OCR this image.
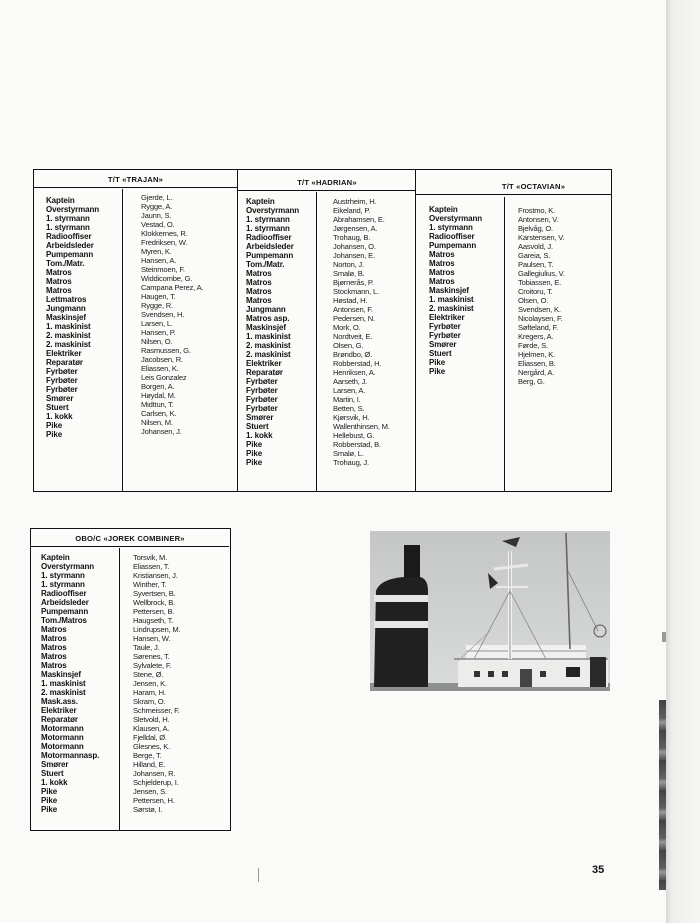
T/T «TRAJAN»
Kaptein
Overstyrmann
1. styrmann
1. styrmann
Radiooffiser
Arbeidsleder
Pumpemann
Tom./Matr.
Matros
Matros
Matros
Lettmatros
Jungmann
Maskinsjef
1. maskinist
2. maskinist
2. maskinist
Elektriker
Reparatør
Fyrbøter
Fyrbøter
Fyrbøter
Smører
Stuert
1. kokk
Pike
Pike
Gjerde, L.
Rygge, A.
Jaunn, S.
Vestad, O.
Klokkernes, R.
Fredriksen, W.
Myren, K.
Hansen, A.
Steinmoen, F.
Widdicombe, G.
Campana Perez, A.
Haugen, T.
Rygge, R.
Svendsen, H.
Larsen, L.
Hansen, P.
Nilsen, O.
Rasmussen, G.
Jacobsen, R.
Eliassen, K.
Leis Gonzalez
Borgen, A.
Høydal, M.
Midttun, T.
Carlsen, K.
Nilsen, M.
Johansen, J.
T/T «HADRIAN»
Kaptein
Overstyrmann
1. styrmann
1. styrmann
Radiooffiser
Arbeidsleder
Pumpemann
Tom./Matr.
Matros
Matros
Matros
Matros
Jungmann
Matros asp.
Maskinsjef
1. maskinist
2. maskinist
2. maskinist
Elektriker
Reparatør
Fyrbøter
Fyrbøter
Fyrbøter
Fyrbøter
Smører
Stuert
1. kokk
Pike
Pike
Pike
Austrheim, H.
Eikeland, P.
Abrahamsen, E.
Jørgensen, A.
Trohaug, B.
Johansen, O.
Johansen, E.
Norton, J.
Smalø, B.
Bjørnerås, P.
Stockmann, L.
Høstad, H.
Antonsen, F.
Pedersen, N.
Mork, O.
Nordtveit, E.
Olsen, G.
Brøndbo, Ø.
Robberstad, H.
Henriksen, A.
Aarseth, J.
Larsen, A.
Martin, I.
Betten, S.
Kjørsvik, H.
Wallenthinsen, M.
Hellebust, G.
Robberstad, B.
Smalø, L.
Trohaug, J.
T/T «OCTAVIAN»
Kaptein
Overstyrmann
1. styrmann
Radiooffiser
Pumpemann
Matros
Matros
Matros
Matros
Maskinsjef
1. maskinist
2. maskinist
Elektriker
Fyrbøter
Fyrbøter
Smører
Stuert
Pike
Pike
Frostmo, K.
Antonsen, V.
Bjelvåg, O.
Karstensen, V.
Aasvold, J.
Gareia, S.
Paulsen, T.
Gallegiulius, V.
Tobiassen, E.
Croitoru, T.
Olsen, O.
Svendsen, K.
Nicolaysen, F.
Søfteland, F.
Kregers, A.
Førde, S.
Hjelmen, K.
Eliassen, B.
Nergård, A.
Berg, G.
OBO/C «JOREK COMBINER»
Kaptein
Overstyrmann
1. styrmann
1. styrmann
Radiooffiser
Arbeidsleder
Pumpemann
Tom./Matros
Matros
Matros
Matros
Matros
Matros
Maskinsjef
1. maskinist
2. maskinist
Mask.ass.
Elektriker
Reparatør
Motormann
Motormann
Motormann
Motormannasp.
Smører
Stuert
1. kokk
Pike
Pike
Pike
Torsvik, M.
Eliassen, T.
Kristiansen, J.
Winther, T.
Syvertsen, B.
Wellbrock, B.
Pettersen, B.
Haugseth, T.
Lindrupsen, M.
Hansen, W.
Taule, J.
Sørenes, T.
Sylvalete, F.
Stene, Ø.
Jensen, K.
Haram, H.
Skram, O.
Schmeisser, F.
Sletvold, H.
Klausen, A.
Fjelldal, Ø.
Glesnes, K.
Berge, T.
Hilland, E.
Johansen, R.
Schjelderup, I.
Jensen, S.
Pettersen, H.
Sørstø, I.
35
